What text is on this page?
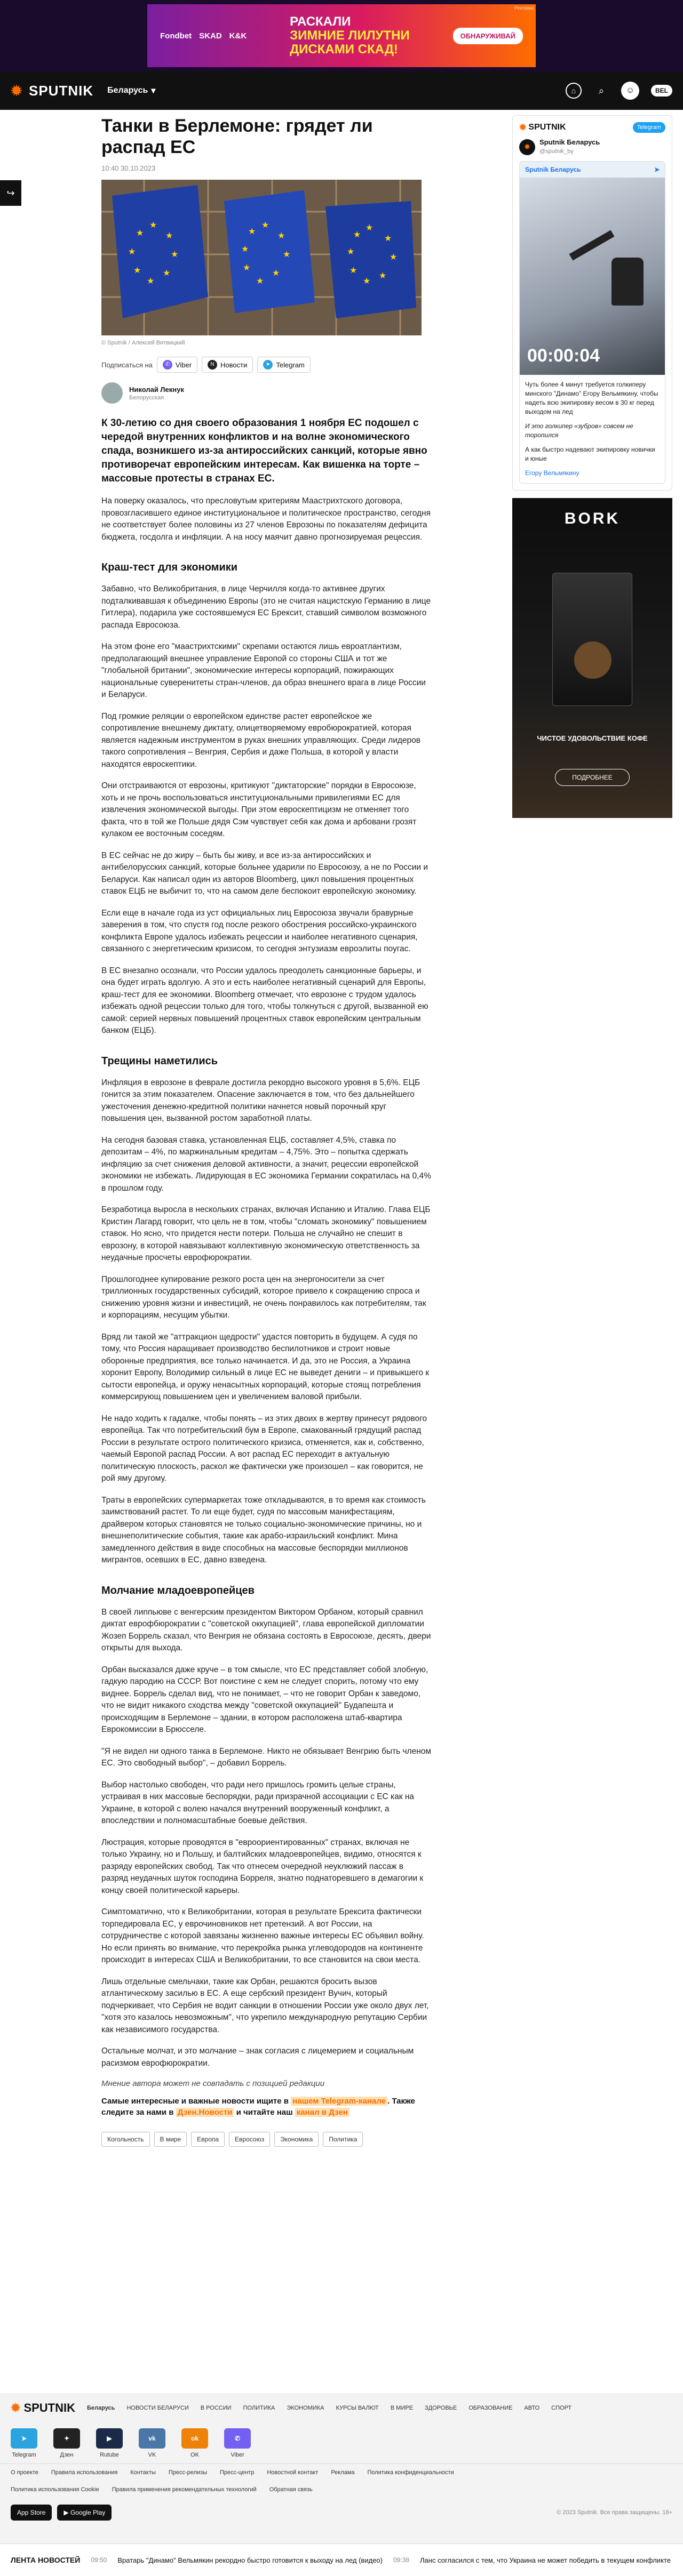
Fondbet SKAD K&K
РАСКАЛИ
ЗИМНИЕ ЛИЛУТНИ
ДИСКАМИ СКАД!
ОБНАРУЖИВАЙ
Реклама
✹ SPUTNIK Беларусь ▾	⌂	⌕	☺	BEL
↪
Танки в Берлемоне: грядет ли распад ЕС
10:40 30.10.2023
★
★
★
★
★
★
★
★
★
★
★
★
★
★
★
★	★
★
★
★
★
★
★
★
© Sputnik / Алексей Витвицкий
Подписаться на	✆ Viber	N Новости	➤ Telegram
Николай Лекнук
Белорусская
К 30-летию со дня своего образования 1 ноября ЕС подошел с чередой внутренних конфликтов и на волне экономического спада, возникшего из-за антироссийских санкций, которые явно противоречат европейским интересам. Как вишенка на торте – массовые протесты в странах ЕС.

На поверку оказалось, что пресловутым критериям Маастрихтского договора, провозгласившего единое институциональное и политическое пространство, сегодня не соответствует более половины из 27 членов Еврозоны по показателям дефицита бюджета, госдолга и инфляции. А на носу маячит давно прогнозируемая рецессия.

Краш-тест для экономики

Забавно, что Великобритания, в лице Черчилля когда-то активнее других подталкивавшая к объединению Европы (это не считая нацистскую Германию в лице Гитлера), подарила уже состоявшемуся ЕС Брексит, ставший символом возможного распада Евросоюза.

На этом фоне его "маастрихтскими" скрепами остаются лишь евроатлантизм, предполагающий внешнее управление Европой со стороны США и тот же "глобальной британии", экономические интересы корпораций, пожирающих национальные суверенитеты стран-членов, да образ внешнего врага в лице России и Беларуси.

Под громкие реляции о европейском единстве растет европейское же сопротивление внешнему диктату, олицетворяемому евробюрократией, которая является надежным инструментом в руках внешних управляющих. Среди лидеров такого сопротивления – Венгрия, Сербия и даже Польша, в которой у власти находятся евроскептики.

Они отстраиваются от еврозоны, критикуют "диктаторские" порядки в Евросоюзе, хоть и не прочь воспользоваться институциональными привилегиями ЕС для извлечения экономической выгоды. При этом евроскептицизм не отменяет того факта, что в той же Польше дядя Сэм чувствует себя как дома и арбовани грозят кулаком ее восточным соседям.

В ЕС сейчас не до жиру – быть бы живу, и все из-за антироссийских и антибелорусских санкций, которые больнее ударили по Евросоюзу, а не по России и Беларуси. Как написал один из авторов Bloomberg, цикл повышения процентных ставок ЕЦБ не выбичит то, что на самом деле беспокоит европейскую экономику.

Если еще в начале года из уст официальных лиц Евросоюза звучали бравурные заверения в том, что спустя год после резкого обострения российско-украинского конфликта Европе удалось избежать рецессии и наиболее негативного сценария, связанного с энергетическим кризисом, то сегодня энтузиазм евроэлиты поугас.

В ЕС внезапно осознали, что России удалось преодолеть санкционные барьеры, и она будет играть вдолгую. А это и есть наиболее негативный сценарий для Европы, краш-тест для ее экономики. Bloomberg отмечает, что еврозоне с трудом удалось избежать одной рецессии только для того, чтобы толкнуться с другой, вызванной ею самой: серией нервных повышений процентных ставок европейским центральным банком (ЕЦБ).

Трещины наметились

Инфляция в еврозоне в феврале достигла рекордно высокого уровня в 5,6%. ЕЦБ гонится за этим показателем. Опасение заключается в том, что без дальнейшего ужесточения денежно-кредитной политики начнется новый порочный круг повышения цен, вызванной ростом заработной платы.

На сегодня базовая ставка, установленная ЕЦБ, составляет 4,5%, ставка по депозитам – 4%, по маржинальным кредитам – 4,75%. Это – попытка сдержать инфляцию за счет снижения деловой активности, а значит, рецессии европейской экономики не избежать. Лидирующая в ЕС экономика Германии сократилась на 0,4% в прошлом году.

Безработица выросла в нескольких странах, включая Испанию и Италию. Глава ЕЦБ Кристин Лагард говорит, что цель не в том, чтобы "сломать экономику" повышением ставок. Но ясно, что придется нести потери. Польша не случайно не спешит в еврозону, в которой навязывают коллективную экономическую ответственность за неудачные просчеты еврофюрократии.

Прошлогоднее купирование резкого роста цен на энергоносители за счет триллионных государственных субсидий, которое привело к сокращению спроса и снижению уровня жизни и инвестиций, не очень понравилось как потребителям, так и корпорациям, несущим убытки.

Вряд ли такой же "аттракцион щедрости" удастся повторить в будущем. А судя по тому, что Россия наращивает производство беспилотников и строит новые оборонные предприятия, все только начинается. И да, это не Россия, а Украина хоронит Европу, Володимир сильный в лице ЕС не выведет дениги – и привыкшего к сытости европейца, и оружу ненасытных корпораций, которые стоящ потребления коммерсирующ повышением цен и увеличением валовой прибыли.

Не надо ходить к гадалке, чтобы понять – из этих двоих в жертву принесут рядового европейца. Так что потребительский бум в Европе, смакованный грядущий распад России в результате острого политического кризиса, отменяется, как и, собственно, чаемый Европой распад России. А вот распад ЕС переходит в актуальную политическую плоскость, раскол же фактически уже произошел – как говорится, не рой яму другому.

Траты в европейских супермаркетах тоже откладываются, в то время как стоимость заимствований растет. То ли еще будет, судя по массовым манифестациям, драйвером которых становятся не только социально-экономические причины, но и внешнеполитические события, такие как арабо-израильский конфликт. Мина замедленного действия в виде способных на массовые беспорядки миллионов мигрантов, осевших в ЕС, давно взведена.

Молчание младоевропейцев

В своей лиnпьюве с венгерским президентом Виктором Орбаном, который сравнил диктат еврофбюрократии с "советской оккупацией", глава европейской дипломатии Жозеп Боррель сказал, что Венгрия не обязана состоять в Евросоюзе, десять, двери открыты для выхода.

Орбан высказался даже круче – в том смысле, что ЕС представляет собой злобную, гадкую пародию на СССР. Вот поистине с кем не следует спорить, потому что ему виднее. Боррель сделал вид, что не понимает, – что не говорит Орбан к заведомо, что не видит никакого сходства между "советской оккупацией" Будапешта и происходящим в Берлемоне – здании, в котором расположена штаб-квартира Еврокомиссии в Брюсселе.

"Я не видел ни одного танка в Берлемоне. Никто не обязывает Венгрию быть членом ЕС. Это свободный выбор", – добавил Боррель.

Выбор настолько свободен, что ради него пришлось громить целые страны, устраивая в них массовые беспорядки, ради призрачной ассоциации с ЕС как на Украине, в которой с волею начался внутренний вооруженный конфликт, а впоследствии и полномасштабные боевые действия.

Люстрация, которые проводятся в "евроориентированных" странах, включая не только Украину, но и Польшу, и балтийских младоевропейцев, видимо, относятся к разряду европейских свобод. Так что отнесем очередной неуклюжий пассаж в разряд неудачных шуток господина Борреля, знатно поднаторевшего в демагогии к концу своей политической карьеры.

Симптоматично, что к Великобритании, которая в результате Брексита фактически торпедировала ЕС, у еврочиновников нет претензий. А вот России, на сотрудничестве с которой завязаны жизненно важные интересы ЕС объявил войну. Но если принять во внимание, что перекройка рынка углеводородов на континенте происходит в интересах США и Великобритании, то все становится на свои места.

Лишь отдельные смельчаки, такие как Орбан, решаются бросить вызов атлантическому засилью в ЕС. А еще сербский президент Вучич, который подчеркивает, что Сербия не водит санкции в отношении России уже около двух лет, "хотя это казалось невозможным", что укрепило международную репутацию Сербии как независимого государства.

Остальные молчат, и это молчание – знак согласия с лицемерием и социальным расизмом еврофюрократии.

Мнение автора может не совпадать с позицией редакции
Самые интересные и важные новости ищите в нашем Telegram-канале . Также следите за нами в Дзен.Новости и читайте наш канал в Дзен
Когольность	В мире	Европа	Евросоюз	Экономика	Политика
✹ SPUTNIK	Telegram
✹
Sputnik Беларусь
@sputnik_by
Sputnik Беларусь	➤
00:00:04

Чуть более 4 минут требуется голкиперу минского "Динамо" Егору Вельмякину, чтобы надеть всю экипировку весом в 30 кг перед выходом на лед

И это голкипер «зубров» совсем не торопился

А как быстро надевают экипировку новички и юные

Егору Вельмякину
BORK
ЧИСТОЕ УДОВОЛЬСТВИЕ КОФЕ
ПОДРОБНЕЕ
✹ SPUTNIK Беларусь НОВОСТИ БЕЛАРУСИ В РОССИИ ПОЛИТИКА ЭКОНОМИКА КУРСЫ ВАЛЮТ В МИРЕ ЗДОРОВЬЕ ОБРАЗОВАНИЕ АВТО СПОРТ
➤
Telegram
✦
Дзен
▶
Rutube
vk
VK
ok
OK
✆
Viber
О проекте Правила использования Контакты Пресс-релизы Пресс-центр Новостной контакт Реклама Политика конфиденциальности
Политика использования Cookie Правила применения рекомендательных технологий Обратная связь
App Store	▶ Google Play	© 2023 Sputnik. Все права защищены. 18+
ЛЕНТА НОВОСТЕЙ 09:50 Вратарь "Динамо" Вельмякин рекордно быстро готовится к выходу на лед (видео) 09:38 Ланс согласился с тем, что Украина не может победить в текущем конфликте
